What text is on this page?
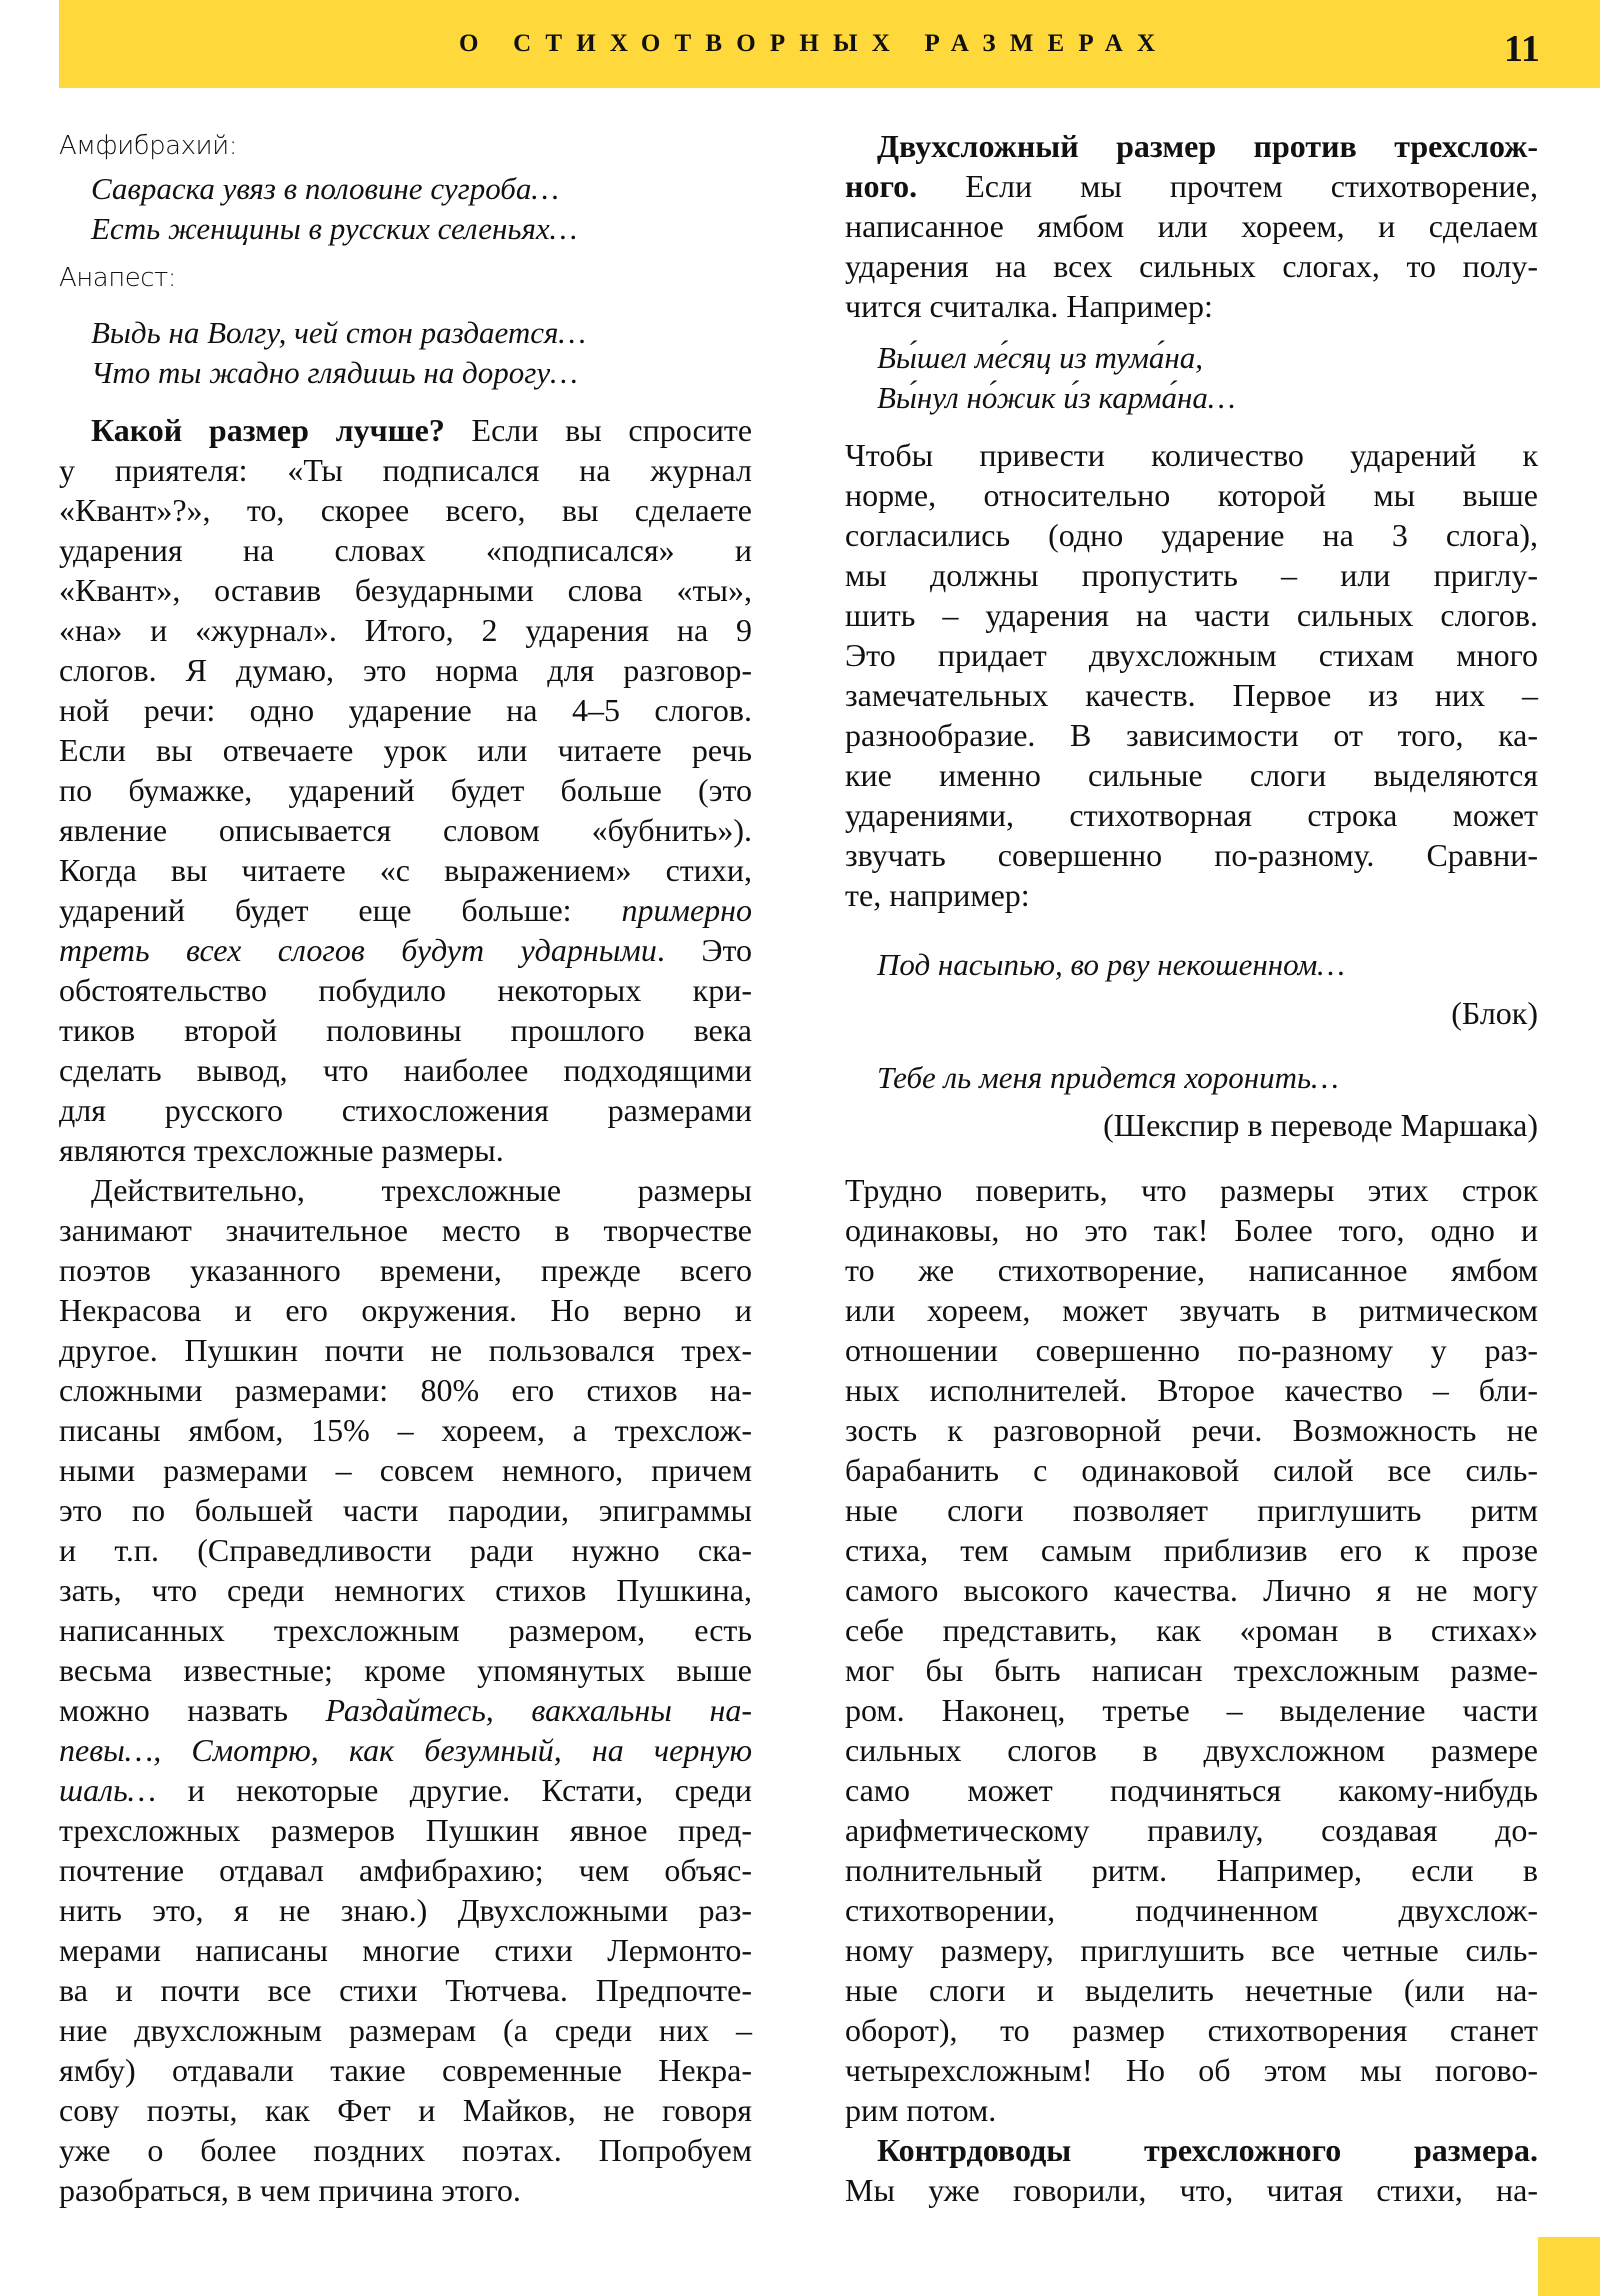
О СТИХОТВОРНЫХ РАЗМЕРАХ	11
Амфибрахий:
Савраска увяз в половине сугроба…
Есть женщины в русских селеньях…
Анапест:
Выдь на Волгу, чей стон раздается…
Что ты жадно глядишь на дорогу…
Какой размер лучше? Если вы спросите
у приятеля: «Ты подписался на журнал
«Квант»?», то, скорее всего, вы сделаете
ударения на словах «подписался» и
«Квант», оставив безударными слова «ты»,
«на» и «журнал». Итого, 2 ударения на 9
слогов. Я думаю, это норма для разговор-
ной речи: одно ударение на 4–5 слогов.
Если вы отвечаете урок или читаете речь
по бумажке, ударений будет больше (это
явление описывается словом «бубнить»).
Когда вы читаете «с выражением» стихи,
ударений будет еще больше: примерно
треть всех слогов будут ударными. Это
обстоятельство побудило некоторых кри-
тиков второй половины прошлого века
сделать вывод, что наиболее подходящими
для русского стихосложения размерами
являются трехсложные размеры.
Действительно, трехсложные размеры
занимают значительное место в творчестве
поэтов указанного времени, прежде всего
Некрасова и его окружения. Но верно и
другое. Пушкин почти не пользовался трех-
сложными размерами: 80% его стихов на-
писаны ямбом, 15% – хореем, а трехслож-
ными размерами – совсем немного, причем
это по большей части пародии, эпиграммы
и т.п. (Справедливости ради нужно ска-
зать, что среди немногих стихов Пушкина,
написанных трехсложным размером, есть
весьма известные; кроме упомянутых выше
можно назвать Раздайтесь, вакхальны на-
певы…, Смотрю, как безумный, на черную
шаль… и некоторые другие. Кстати, среди
трехсложных размеров Пушкин явное пред-
почтение отдавал амфибрахию; чем объяс-
нить это, я не знаю.) Двухсложными раз-
мерами написаны многие стихи Лермонто-
ва и почти все стихи Тютчева. Предпочте-
ние двухсложным размерам (а среди них –
ямбу) отдавали такие современные Некра-
сову поэты, как Фет и Майков, не говоря
уже о более поздних поэтах. Попробуем
разобраться, в чем причина этого.
Двухсложный размер против трехслож-
ного. Если мы прочтем стихотворение,
написанное ямбом или хореем, и сделаем
ударения на всех сильных слогах, то полу-
чится считалка. Например:
Вы́шел ме́сяц из тума́на,
Вы́нул но́жик и́з карма́на…
Чтобы привести количество ударений к
норме, относительно которой мы выше
согласились (одно ударение на 3 слога),
мы должны пропустить – или приглу-
шить – ударения на части сильных слогов.
Это придает двухсложным стихам много
замечательных качеств. Первое из них –
разнообразие. В зависимости от того, ка-
кие именно сильные слоги выделяются
ударениями, стихотворная строка может
звучать совершенно по-разному. Сравни-
те, например:
Под насыпью, во рву некошенном…
(Блок)
Тебе ль меня придется хоронить…
(Шекспир в переводе Маршака)
Трудно поверить, что размеры этих строк
одинаковы, но это так! Более того, одно и
то же стихотворение, написанное ямбом
или хореем, может звучать в ритмическом
отношении совершенно по-разному у раз-
ных исполнителей. Второе качество – бли-
зость к разговорной речи. Возможность не
барабанить с одинаковой силой все силь-
ные слоги позволяет приглушить ритм
стиха, тем самым приблизив его к прозе
самого высокого качества. Лично я не могу
себе представить, как «роман в стихах»
мог бы быть написан трехсложным разме-
ром. Наконец, третье – выделение части
сильных слогов в двухсложном размере
само может подчиняться какому-нибудь
арифметическому правилу, создавая до-
полнительный ритм. Например, если в
стихотворении, подчиненном двухслож-
ному размеру, приглушить все четные силь-
ные слоги и выделить нечетные (или на-
оборот), то размер стихотворения станет
четырехсложным! Но об этом мы погово-
рим потом.
Контрдоводы трехсложного размера.
Мы уже говорили, что, читая стихи, на-
